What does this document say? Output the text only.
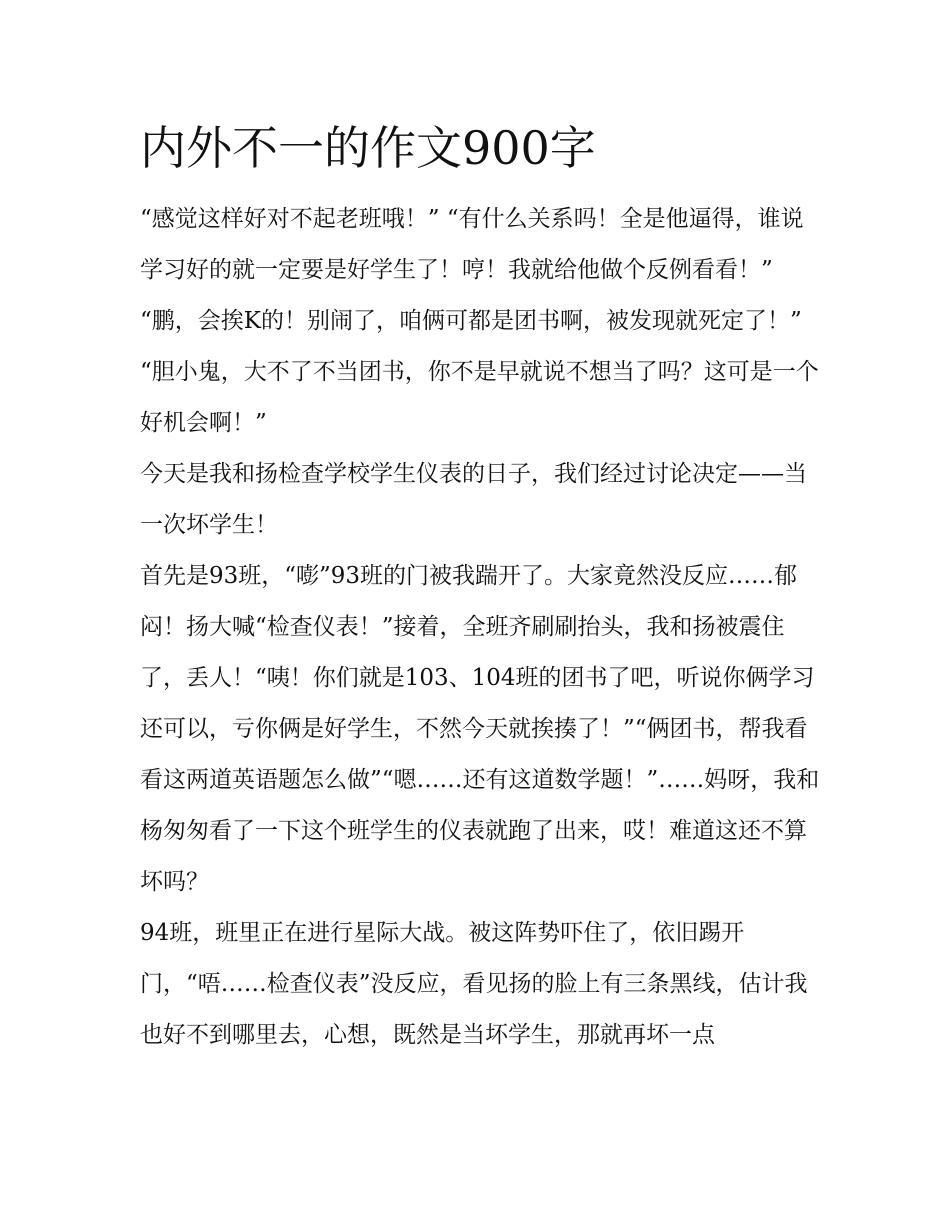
内外不一的作文900字

“感觉这样好对不起老班哦！” “有什么关系吗！全是他逼得，谁说学习好的就一定要是好学生了！哼！我就给他做个反例看看！”

“鹏，会挨K的！别闹了，咱俩可都是团书啊，被发现就死定了！” “胆小鬼，大不了不当团书，你不是早就说不想当了吗？这可是一个好机会啊！”

今天是我和扬检查学校学生仪表的日子，我们经过讨论决定——当一次坏学生！

首先是93班，“嘭”93班的门被我踹开了。大家竟然没反应……郁闷！扬大喊“检查仪表！”接着，全班齐刷刷抬头，我和扬被震住了，丢人！“咦！你们就是103、104班的团书了吧，听说你俩学习还可以，亏你俩是好学生，不然今天就挨揍了！”“俩团书，帮我看看这两道英语题怎么做”“嗯……还有这道数学题！”……妈呀，我和杨匆匆看了一下这个班学生的仪表就跑了出来，哎！难道这还不算坏吗？

94班，班里正在进行星际大战。被这阵势吓住了，依旧踢开门，“唔……检查仪表”没反应，看见扬的脸上有三条黑线，估计我也好不到哪里去，心想，既然是当坏学生，那就再坏一点
